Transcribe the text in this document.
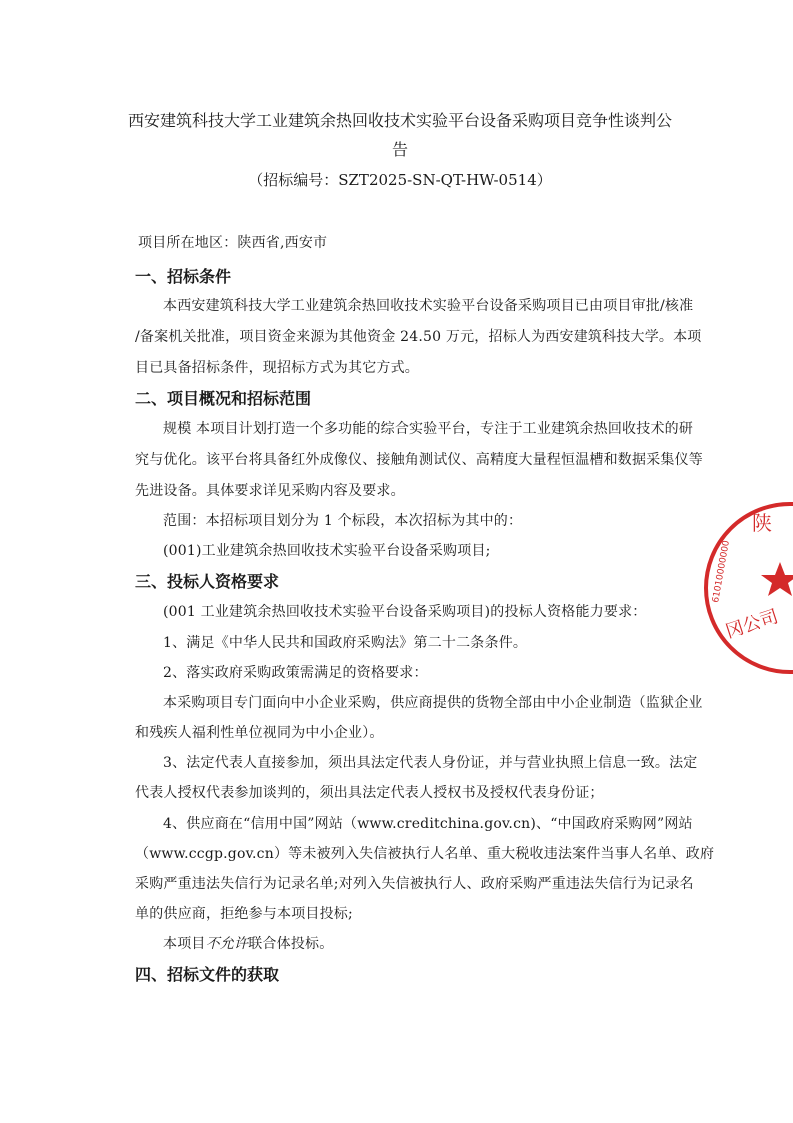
西安建筑科技大学工业建筑余热回收技术实验平台设备采购项目竞争性谈判公
告
（招标编号：SZT2025-SN-QT-HW-0514）
项目所在地区：陕西省,西安市
一、招标条件
本西安建筑科技大学工业建筑余热回收技术实验平台设备采购项目已由项目审批/核准
/备案机关批准，项目资金来源为其他资金 24.50 万元，招标人为西安建筑科技大学。本项
目已具备招标条件，现招标方式为其它方式。
二、项目概况和招标范围
规模 本项目计划打造一个多功能的综合实验平台，专注于工业建筑余热回收技术的研
究与优化。该平台将具备红外成像仪、接触角测试仪、高精度大量程恒温槽和数据采集仪等
先进设备。具体要求详见采购内容及要求。
范围：本招标项目划分为 1 个标段，本次招标为其中的：
(001)工业建筑余热回收技术实验平台设备采购项目;
三、投标人资格要求
(001 工业建筑余热回收技术实验平台设备采购项目)的投标人资格能力要求：
1、满足《中华人民共和国政府采购法》第二十二条条件。
2、落实政府采购政策需满足的资格要求：
本采购项目专门面向中小企业采购，供应商提供的货物全部由中小企业制造（监狱企业
和残疾人福利性单位视同为中小企业）。
3、法定代表人直接参加，须出具法定代表人身份证，并与营业执照上信息一致。法定
代表人授权代表参加谈判的，须出具法定代表人授权书及授权代表身份证；
4、供应商在“信用中国”网站（www.creditchina.gov.cn)、“中国政府采购网”网站
（www.ccgp.gov.cn）等未被列入失信被执行人名单、重大税收违法案件当事人名单、政府
采购严重违法失信行为记录名单;对列入失信被执行人、政府采购严重违法失信行为记录名
单的供应商，拒绝参与本项目投标;
本项目不允许联合体投标。
四、招标文件的获取
陕
冈公司
61010000000
